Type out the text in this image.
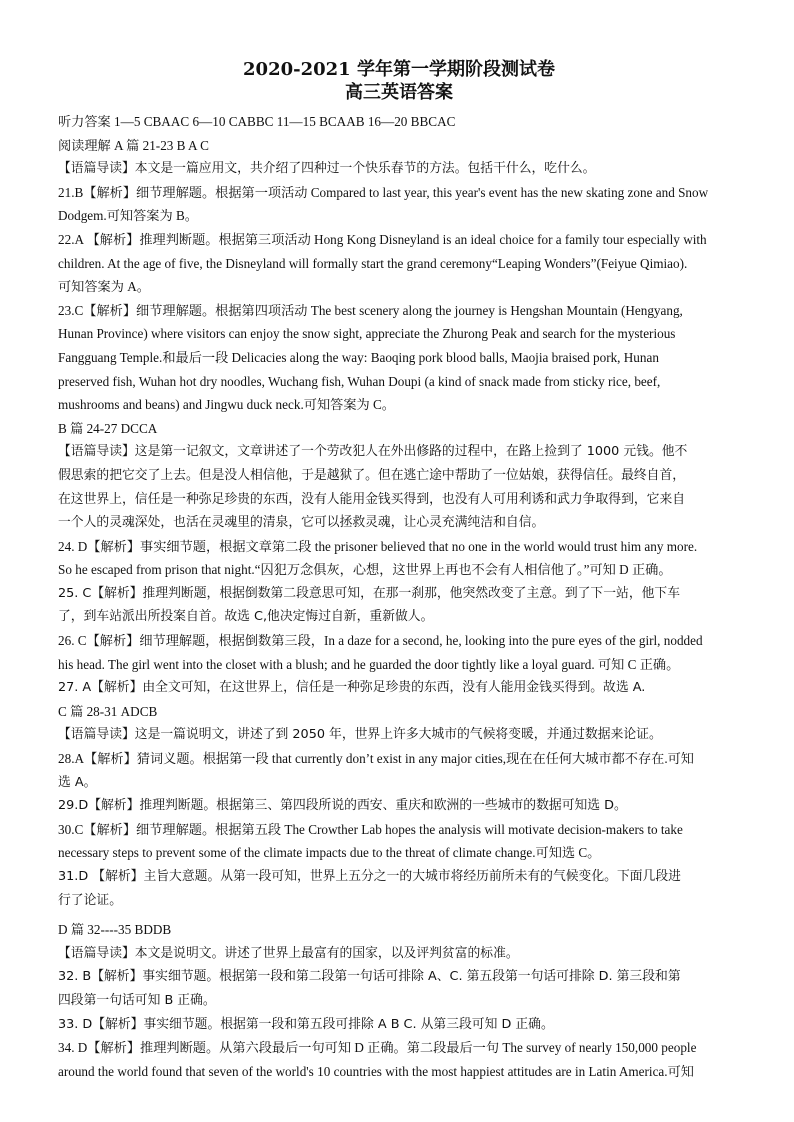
2020-2021 学年第一学期阶段测试卷
高三英语答案

听力答案 1—5 CBAAC 6—10 CABBC 11—15 BCAAB 16—20 BBCAC

阅读理解 A 篇 21-23 B A C

【语篇导读】本文是一篇应用文，共介绍了四种过一个快乐春节的方法。包括干什么，吃什么。

21.B【解析】细节理解题。根据第一项活动 Compared to last year, this year's event has the new skating zone and Snow

Dodgem.可知答案为 B。

22.A 【解析】推理判断题。根据第三项活动 Hong Kong Disneyland is an ideal choice for a family tour especially with

children. At the age of five, the Disneyland will formally start the grand ceremony“Leaping Wonders”(Feiyue Qimiao).

可知答案为 A。

23.C【解析】细节理解题。根据第四项活动 The best scenery along the journey is Hengshan Mountain (Hengyang,

Hunan Province) where visitors can enjoy the snow sight, appreciate the Zhurong Peak and search for the mysterious

Fangguang Temple.和最后一段 Delicacies along the way: Baoqing pork blood balls, Maojia braised pork, Hunan

preserved fish, Wuhan hot dry noodles, Wuchang fish, Wuhan Doupi (a kind of snack made from sticky rice, beef,

mushrooms and beans) and Jingwu duck neck.可知答案为 C。

B 篇 24-27 DCCA

【语篇导读】这是第一记叙文，文章讲述了一个劳改犯人在外出修路的过程中，在路上捡到了 1000 元钱。他不

假思索的把它交了上去。但是没人相信他，于是越狱了。但在逃亡途中帮助了一位姑娘，获得信任。最终自首，

在这世界上，信任是一种弥足珍贵的东西，没有人能用金钱买得到，也没有人可用利诱和武力争取得到，它来自

一个人的灵魂深处，也活在灵魂里的清泉，它可以拯救灵魂，让心灵充满纯洁和自信。

24. D【解析】事实细节题，根据文章第二段 the prisoner believed that no one in the world would trust him any more.

So he escaped from prison that night.“囚犯万念俱灰，心想，这世界上再也不会有人相信他了。”可知 D 正确。

25. C【解析】推理判断题，根据倒数第二段意思可知，在那一刹那，他突然改变了主意。到了下一站，他下车

了，到车站派出所投案自首。故选 C,他决定悔过自新，重新做人。

26. C【解析】细节理解题，根据倒数第三段，In a daze for a second, he, looking into the pure eyes of the girl, nodded

his head. The girl went into the closet with a blush; and he guarded the door tightly like a loyal guard. 可知 C 正确。

27. A【解析】由全文可知，在这世界上，信任是一种弥足珍贵的东西，没有人能用金钱买得到。故选 A.

C 篇 28-31 ADCB

【语篇导读】这是一篇说明文，讲述了到 2050 年，世界上许多大城市的气候将变暖，并通过数据来论证。

28.A【解析】猜词义题。根据第一段 that currently don’t exist in any major cities,现在在任何大城市都不存在.可知

选 A。

29.D【解析】推理判断题。根据第三、第四段所说的西安、重庆和欧洲的一些城市的数据可知选 D。

30.C【解析】细节理解题。根据第五段 The Crowther Lab hopes the analysis will motivate decision-makers to take

necessary steps to prevent some of the climate impacts due to the threat of climate change.可知选 C。

31.D 【解析】主旨大意题。从第一段可知，世界上五分之一的大城市将经历前所未有的气候变化。下面几段进

行了论证。

D 篇 32----35 BDDB

【语篇导读】本文是说明文。讲述了世界上最富有的国家，以及评判贫富的标准。

32. B【解析】事实细节题。根据第一段和第二段第一句话可排除 A、C. 第五段第一句话可排除 D. 第三段和第

四段第一句话可知 B 正确。

33. D【解析】事实细节题。根据第一段和第五段可排除 A B C. 从第三段可知 D 正确。

34. D【解析】推理判断题。从第六段最后一句可知 D 正确。第二段最后一句 The survey of nearly 150,000 people

around the world found that seven of the world's 10 countries with the most happiest attitudes are in Latin America.可知
